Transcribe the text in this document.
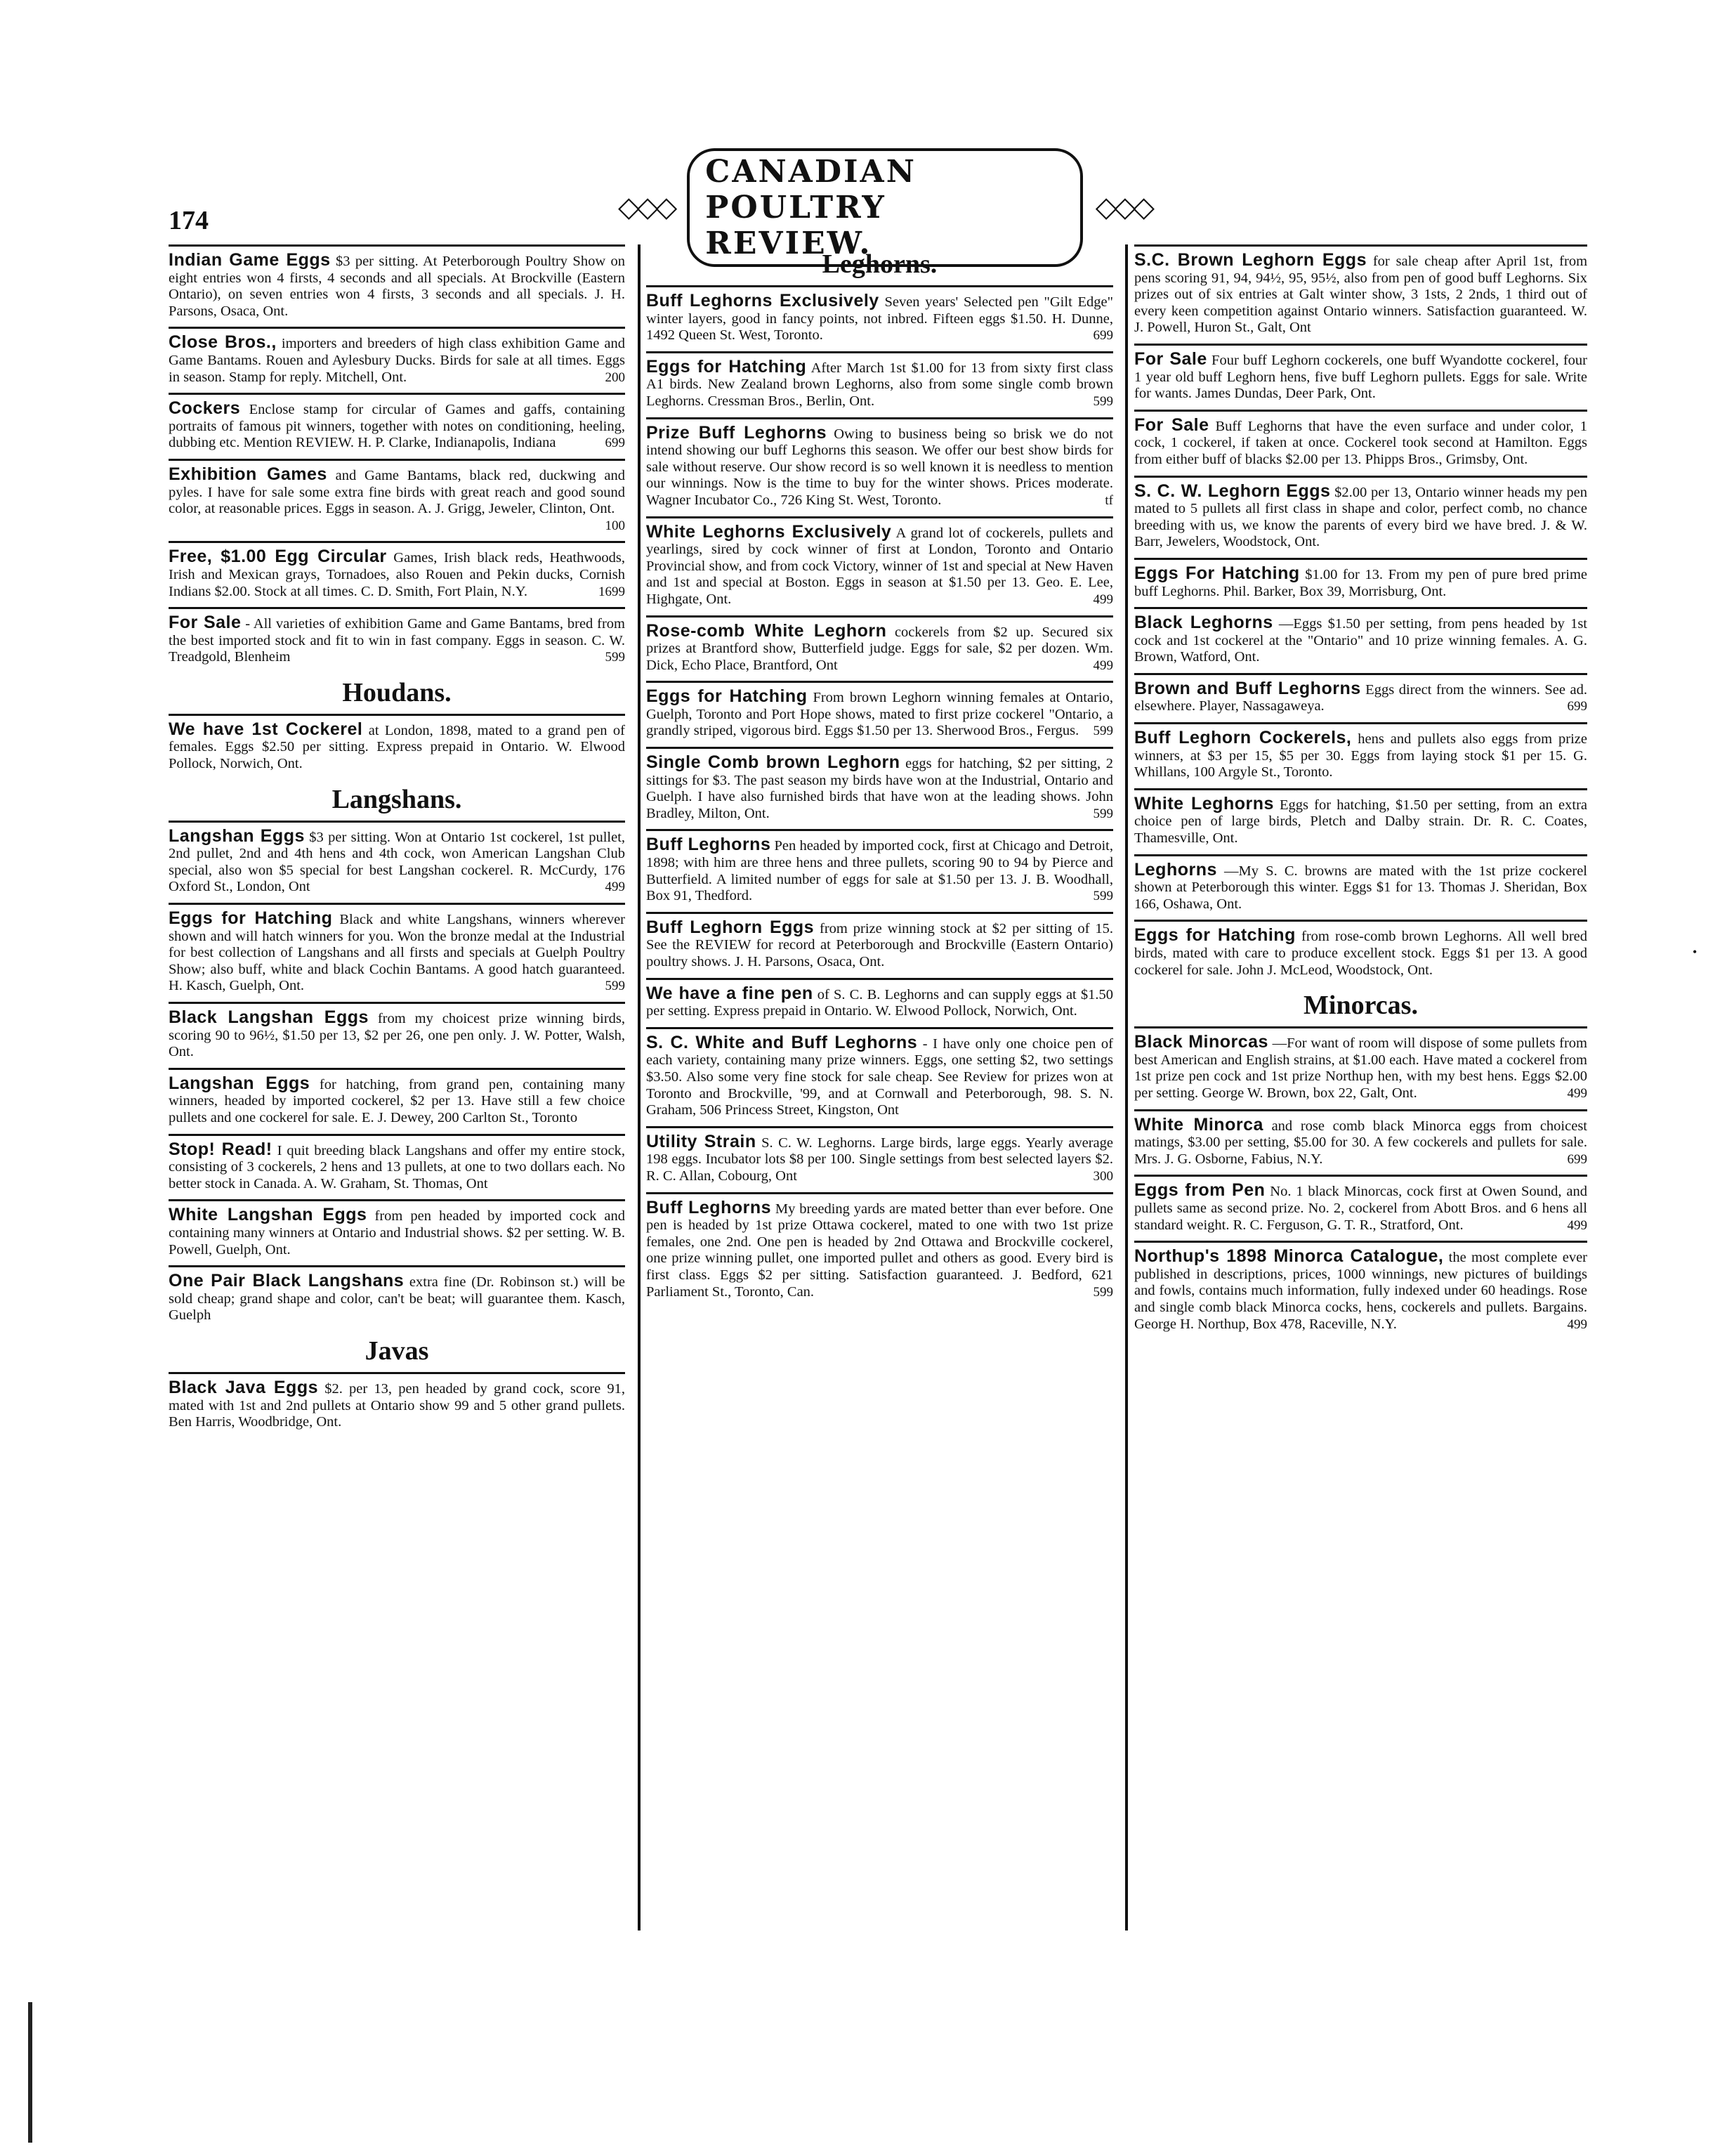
174	◇◇◇
CANADIAN POULTRY REVIEW.
◇◇◇
Indian Game Eggs $3 per sitting. At Peterborough Poultry Show on eight entries won 4 firsts, 4 seconds and all specials. At Brockville (Eastern Ontario), on seven entries won 4 firsts, 3 seconds and all specials. J. H. Parsons, Osaca, Ont.
Close Bros., importers and breeders of high class exhibition Game and Game Bantams. Rouen and Aylesbury Ducks. Birds for sale at all times. Eggs in season. Stamp for reply. Mitchell, Ont.	200
Cockers Enclose stamp for circular of Games and gaffs, containing portraits of famous pit winners, together with notes on conditioning, heeling, dubbing etc. Mention REVIEW. H. P. Clarke, Indianapolis, Indiana	699
Exhibition Games and Game Bantams, black red, duckwing and pyles. I have for sale some extra fine birds with great reach and good sound color, at reasonable prices. Eggs in season. A. J. Grigg, Jeweler, Clinton, Ont.
100
Free, $1.00 Egg Circular Games, Irish black reds, Heathwoods, Irish and Mexican grays, Tornadoes, also Rouen and Pekin ducks, Cornish Indians $2.00. Stock at all times. C. D. Smith, Fort Plain, N.Y.	1699
For Sale - All varieties of exhibition Game and Game Bantams, bred from the best imported stock and fit to win in fast company. Eggs in season. C. W. Treadgold, Blenheim	599
Houdans.
We have 1st Cockerel at London, 1898, mated to a grand pen of females. Eggs $2.50 per sitting. Express prepaid in Ontario. W. Elwood Pollock, Norwich, Ont.
Langshans.
Langshan Eggs $3 per sitting. Won at Ontario 1st cockerel, 1st pullet, 2nd pullet, 2nd and 4th hens and 4th cock, won American Langshan Club special, also won $5 special for best Langshan cockerel. R. McCurdy, 176 Oxford St., London, Ont	499
Eggs for Hatching Black and white Langshans, winners wherever shown and will hatch winners for you. Won the bronze medal at the Industrial for best collection of Langshans and all firsts and specials at Guelph Poultry Show; also buff, white and black Cochin Bantams. A good hatch guaranteed. H. Kasch, Guelph, Ont.	599
Black Langshan Eggs from my choicest prize winning birds, scoring 90 to 96½, $1.50 per 13, $2 per 26, one pen only. J. W. Potter, Walsh, Ont.
Langshan Eggs for hatching, from grand pen, containing many winners, headed by imported cockerel, $2 per 13. Have still a few choice pullets and one cockerel for sale. E. J. Dewey, 200 Carlton St., Toronto
Stop! Read! I quit breeding black Langshans and offer my entire stock, consisting of 3 cockerels, 2 hens and 13 pullets, at one to two dollars each. No better stock in Canada. A. W. Graham, St. Thomas, Ont
White Langshan Eggs from pen headed by imported cock and containing many winners at Ontario and Industrial shows. $2 per setting. W. B. Powell, Guelph, Ont.
One Pair Black Langshans extra fine (Dr. Robinson st.) will be sold cheap; grand shape and color, can't be beat; will guarantee them. Kasch, Guelph
Javas
Black Java Eggs $2. per 13, pen headed by grand cock, score 91, mated with 1st and 2nd pullets at Ontario show 99 and 5 other grand pullets. Ben Harris, Woodbridge, Ont.
Leghorns.
Buff Leghorns Exclusively Seven years' Selected pen "Gilt Edge" winter layers, good in fancy points, not inbred. Fifteen eggs $1.50. H. Dunne, 1492 Queen St. West, Toronto.	699
Eggs for Hatching After March 1st $1.00 for 13 from sixty first class A1 birds. New Zealand brown Leghorns, also from some single comb brown Leghorns. Cressman Bros., Berlin, Ont.	599
Prize Buff Leghorns Owing to business being so brisk we do not intend showing our buff Leghorns this season. We offer our best show birds for sale without reserve. Our show record is so well known it is needless to mention our winnings. Now is the time to buy for the winter shows. Prices moderate. Wagner Incubator Co., 726 King St. West, Toronto.	tf
White Leghorns Exclusively A grand lot of cockerels, pullets and yearlings, sired by cock winner of first at London, Toronto and Ontario Provincial show, and from cock Victory, winner of 1st and special at New Haven and 1st and special at Boston. Eggs in season at $1.50 per 13. Geo. E. Lee, Highgate, Ont.	499
Rose-comb White Leghorn cockerels from $2 up. Secured six prizes at Brantford show, Butterfield judge. Eggs for sale, $2 per dozen. Wm. Dick, Echo Place, Brantford, Ont	499
Eggs for Hatching From brown Leghorn winning females at Ontario, Guelph, Toronto and Port Hope shows, mated to first prize cockerel "Ontario, a grandly striped, vigorous bird. Eggs $1.50 per 13. Sherwood Bros., Fergus. 599
Single Comb brown Leghorn eggs for hatching, $2 per sitting, 2 sittings for $3. The past season my birds have won at the Industrial, Ontario and Guelph. I have also furnished birds that have won at the leading shows. John Bradley, Milton, Ont.	599
Buff Leghorns Pen headed by imported cock, first at Chicago and Detroit, 1898; with him are three hens and three pullets, scoring 90 to 94 by Pierce and Butterfield. A limited number of eggs for sale at $1.50 per 13. J. B. Woodhall, Box 91, Thedford.	599
Buff Leghorn Eggs from prize winning stock at $2 per sitting of 15. See the REVIEW for record at Peterborough and Brockville (Eastern Ontario) poultry shows. J. H. Parsons, Osaca, Ont.
We have a fine pen of S. C. B. Leghorns and can supply eggs at $1.50 per setting. Express prepaid in Ontario. W. Elwood Pollock, Norwich, Ont.
S. C. White and Buff Leghorns - I have only one choice pen of each variety, containing many prize winners. Eggs, one setting $2, two settings $3.50. Also some very fine stock for sale cheap. See Review for prizes won at Toronto and Brockville, '99, and at Cornwall and Peterborough, 98. S. N. Graham, 506 Princess Street, Kingston, Ont
Utility Strain S. C. W. Leghorns. Large birds, large eggs. Yearly average 198 eggs. Incubator lots $8 per 100. Single settings from best selected layers $2. R. C. Allan, Cobourg, Ont	300
Buff Leghorns My breeding yards are mated better than ever before. One pen is headed by 1st prize Ottawa cockerel, mated to one with two 1st prize females, one 2nd. One pen is headed by 2nd Ottawa and Brockville cockerel, one prize winning pullet, one imported pullet and others as good. Every bird is first class. Eggs $2 per sitting. Satisfaction guaranteed. J. Bedford, 621 Parliament St., Toronto, Can.	599
S.C. Brown Leghorn Eggs for sale cheap after April 1st, from pens scoring 91, 94, 94½, 95, 95½, also from pen of good buff Leghorns. Six prizes out of six entries at Galt winter show, 3 1sts, 2 2nds, 1 third out of every keen competition against Ontario winners. Satisfaction guaranteed. W. J. Powell, Huron St., Galt, Ont
For Sale Four buff Leghorn cockerels, one buff Wyandotte cockerel, four 1 year old buff Leghorn hens, five buff Leghorn pullets. Eggs for sale. Write for wants. James Dundas, Deer Park, Ont.
For Sale Buff Leghorns that have the even surface and under color, 1 cock, 1 cockerel, if taken at once. Cockerel took second at Hamilton. Eggs from either buff of blacks $2.00 per 13. Phipps Bros., Grimsby, Ont.
S. C. W. Leghorn Eggs $2.00 per 13, Ontario winner heads my pen mated to 5 pullets all first class in shape and color, perfect comb, no chance breeding with us, we know the parents of every bird we have bred. J. & W. Barr, Jewelers, Woodstock, Ont.
Eggs For Hatching $1.00 for 13. From my pen of pure bred prime buff Leghorns. Phil. Barker, Box 39, Morrisburg, Ont.
Black Leghorns —Eggs $1.50 per setting, from pens headed by 1st cock and 1st cockerel at the "Ontario" and 10 prize winning females. A. G. Brown, Watford, Ont.
Brown and Buff Leghorns Eggs direct from the winners. See ad. elsewhere. Player, Nassagaweya.	699
Buff Leghorn Cockerels, hens and pullets also eggs from prize winners, at $3 per 15, $5 per 30. Eggs from laying stock $1 per 15. G. Whillans, 100 Argyle St., Toronto.
White Leghorns Eggs for hatching, $1.50 per setting, from an extra choice pen of large birds, Pletch and Dalby strain. Dr. R. C. Coates, Thamesville, Ont.
Leghorns —My S. C. browns are mated with the 1st prize cockerel shown at Peterborough this winter. Eggs $1 for 13. Thomas J. Sheridan, Box 166, Oshawa, Ont.
Eggs for Hatching from rose-comb brown Leghorns. All well bred birds, mated with care to produce excellent stock. Eggs $1 per 13. A good cockerel for sale. John J. McLeod, Woodstock, Ont.
Minorcas.
Black Minorcas —For want of room will dispose of some pullets from best American and English strains, at $1.00 each. Have mated a cockerel from 1st prize pen cock and 1st prize Northup hen, with my best hens. Eggs $2.00 per setting. George W. Brown, box 22, Galt, Ont.	499
White Minorca and rose comb black Minorca eggs from choicest matings, $3.00 per setting, $5.00 for 30. A few cockerels and pullets for sale. Mrs. J. G. Osborne, Fabius, N.Y.	699
Eggs from Pen No. 1 black Minorcas, cock first at Owen Sound, and pullets same as second prize. No. 2, cockerel from Abott Bros. and 6 hens all standard weight. R. C. Ferguson, G. T. R., Stratford, Ont.	499
Northup's 1898 Minorca Catalogue, the most complete ever published in descriptions, prices, 1000 winnings, new pictures of buildings and fowls, contains much information, fully indexed under 60 headings. Rose and single comb black Minorca cocks, hens, cockerels and pullets. Bargains. George H. Northup, Box 478, Raceville, N.Y.	499
•
